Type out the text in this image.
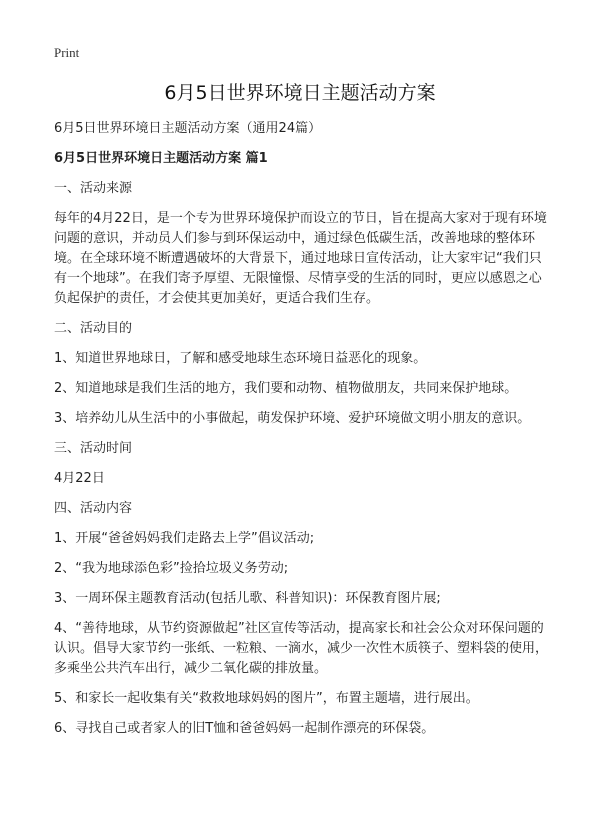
Print
6月5日世界环境日主题活动方案

6月5日世界环境日主题活动方案（通用24篇）

6月5日世界环境日主题活动方案 篇1

一、活动来源

每年的4月22日，是一个专为世界环境保护而设立的节日，旨在提高大家对于现有环境问题的意识，并动员人们参与到环保运动中，通过绿色低碳生活，改善地球的整体环境。在全球环境不断遭遇破坏的大背景下，通过地球日宣传活动，让大家牢记“我们只有一个地球”。在我们寄予厚望、无限憧憬、尽情享受的生活的同时，更应以感恩之心负起保护的责任，才会使其更加美好，更适合我们生存。

二、活动目的

1、知道世界地球日，了解和感受地球生态环境日益恶化的现象。

2、知道地球是我们生活的地方，我们要和动物、植物做朋友，共同来保护地球。

3、培养幼儿从生活中的小事做起，萌发保护环境、爱护环境做文明小朋友的意识。

三、活动时间

4月22日

四、活动内容

1、开展“爸爸妈妈我们走路去上学”倡议活动;

2、“我为地球添色彩”捡拾垃圾义务劳动;

3、一周环保主题教育活动(包括儿歌、科普知识)：环保教育图片展;

4、“善待地球，从节约资源做起”社区宣传等活动，提高家长和社会公众对环保问题的认识。倡导大家节约一张纸、一粒粮、一滴水，减少一次性木质筷子、塑料袋的使用，多乘坐公共汽车出行，减少二氧化碳的排放量。

5、和家长一起收集有关“救救地球妈妈的图片”，布置主题墙，进行展出。

6、寻找自己或者家人的旧T恤和爸爸妈妈一起制作漂亮的环保袋。
